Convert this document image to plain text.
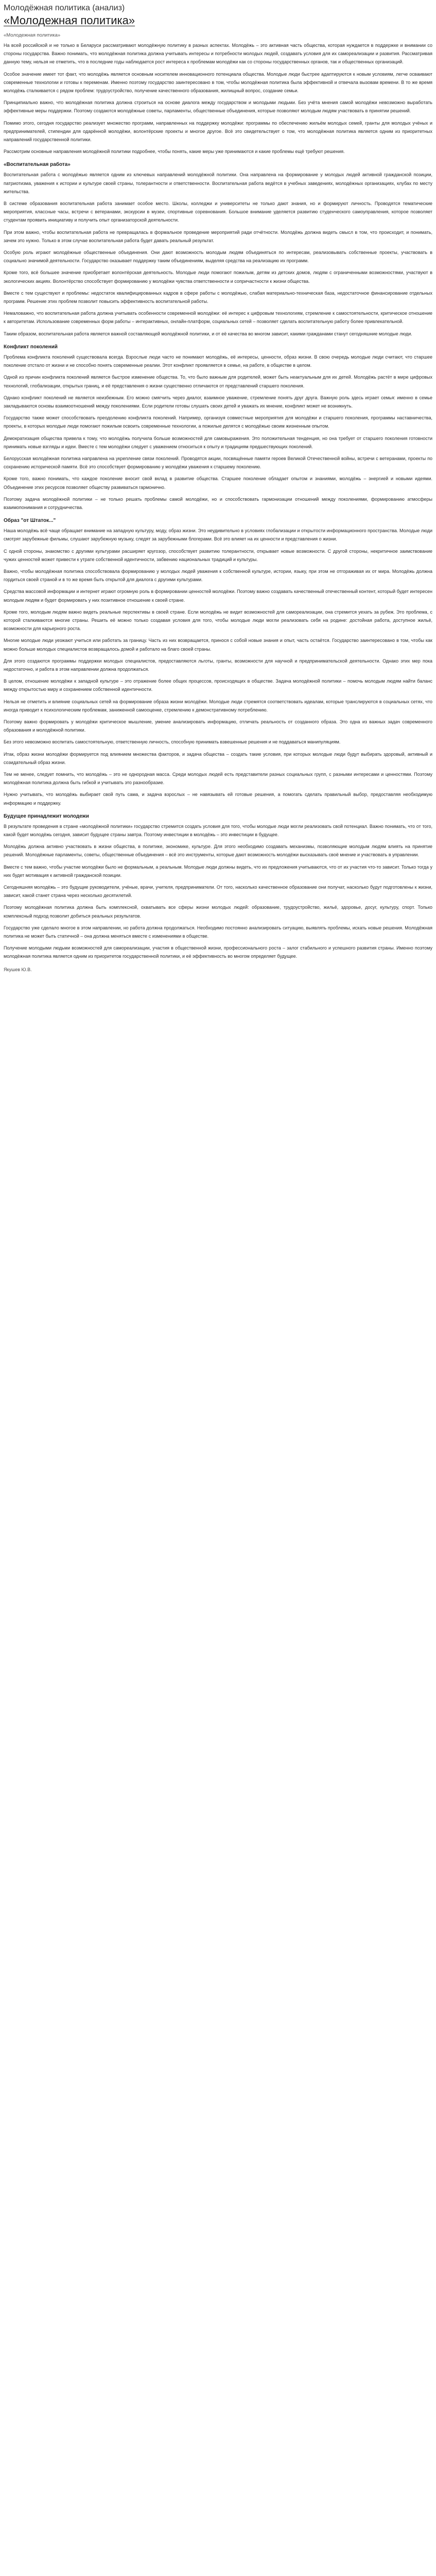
Молодёжная политика (анализ)
«Молодежная политика»
«Молодежная политика»

На всей российской и не только в Беларуси рассматривают молодёжную политику в разных аспектах. Молодёжь – это активная часть общества, которая нуждается в поддержке и внимании со стороны государства. Важно понимать, что молодёжная политика должна учитывать интересы и потребности молодых людей, создавать условия для их самореализации и развития. Рассматривая данную тему, нельзя не отметить, что в последние годы наблюдается рост интереса к проблемам молодёжи как со стороны государственных органов, так и общественных организаций.

Особое значение имеет тот факт, что молодёжь является основным носителем инновационного потенциала общества. Молодые люди быстрее адаптируются к новым условиям, легче осваивают современные технологии и готовы к переменам. Именно поэтому государство заинтересовано в том, чтобы молодёжная политика была эффективной и отвечала вызовам времени. В то же время молодёжь сталкивается с рядом проблем: трудоустройство, получение качественного образования, жилищный вопрос, создание семьи.

Принципиально важно, что молодёжная политика должна строиться на основе диалога между государством и молодыми людьми. Без учёта мнения самой молодёжи невозможно выработать эффективные меры поддержки. Поэтому создаются молодёжные советы, парламенты, общественные объединения, которые позволяют молодым людям участвовать в принятии решений.

Помимо этого, сегодня государство реализует множество программ, направленных на поддержку молодёжи: программы по обеспечению жильём молодых семей, гранты для молодых учёных и предпринимателей, стипендии для одарённой молодёжи, волонтёрские проекты и многое другое. Всё это свидетельствует о том, что молодёжная политика является одним из приоритетных направлений государственной политики.

Рассмотрим основные направления молодёжной политики подробнее, чтобы понять, какие меры уже принимаются и какие проблемы ещё требуют решения.

«Воспитательная работа»

Воспитательная работа с молодёжью является одним из ключевых направлений молодёжной политики. Она направлена на формирование у молодых людей активной гражданской позиции, патриотизма, уважения к истории и культуре своей страны, толерантности и ответственности. Воспитательная работа ведётся в учебных заведениях, молодёжных организациях, клубах по месту жительства.

В системе образования воспитательная работа занимает особое место. Школы, колледжи и университеты не только дают знания, но и формируют личность. Проводятся тематические мероприятия, классные часы, встречи с ветеранами, экскурсии в музеи, спортивные соревнования. Большое внимание уделяется развитию студенческого самоуправления, которое позволяет студентам проявить инициативу и получить опыт организаторской деятельности.

При этом важно, чтобы воспитательная работа не превращалась в формальное проведение мероприятий ради отчётности. Молодёжь должна видеть смысл в том, что происходит, и понимать, зачем это нужно. Только в этом случае воспитательная работа будет давать реальный результат.

Особую роль играют молодёжные общественные объединения. Они дают возможность молодым людям объединяться по интересам, реализовывать собственные проекты, участвовать в социально значимой деятельности. Государство оказывает поддержку таким объединениям, выделяя средства на реализацию их программ.

Кроме того, всё большее значение приобретает волонтёрская деятельность. Молодые люди помогают пожилым, детям из детских домов, людям с ограниченными возможностями, участвуют в экологических акциях. Волонтёрство способствует формированию у молодёжи чувства ответственности и сопричастности к жизни общества.

Вместе с тем существуют и проблемы: недостаток квалифицированных кадров в сфере работы с молодёжью, слабая материально-техническая база, недостаточное финансирование отдельных программ. Решение этих проблем позволит повысить эффективность воспитательной работы.

Немаловажно, что воспитательная работа должна учитывать особенности современной молодёжи: её интерес к цифровым технологиям, стремление к самостоятельности, критическое отношение к авторитетам. Использование современных форм работы – интерактивных, онлайн-платформ, социальных сетей – позволяет сделать воспитательную работу более привлекательной.

Таким образом, воспитательная работа является важной составляющей молодёжной политики, и от её качества во многом зависит, какими гражданами станут сегодняшние молодые люди.

Конфликт поколений

Проблема конфликта поколений существовала всегда. Взрослые люди часто не понимают молодёжь, её интересы, ценности, образ жизни. В свою очередь молодые люди считают, что старшее поколение отстало от жизни и не способно понять современные реалии. Этот конфликт проявляется в семье, на работе, в обществе в целом.

Одной из причин конфликта поколений является быстрое изменение общества. То, что было важным для родителей, может быть неактуальным для их детей. Молодёжь растёт в мире цифровых технологий, глобализации, открытых границ, и её представления о жизни существенно отличаются от представлений старшего поколения.

Однако конфликт поколений не является неизбежным. Его можно смягчить через диалог, взаимное уважение, стремление понять друг друга. Важную роль здесь играет семья: именно в семье закладываются основы взаимоотношений между поколениями. Если родители готовы слушать своих детей и уважать их мнение, конфликт может не возникнуть.

Государство также может способствовать преодолению конфликта поколений. Например, организуя совместные мероприятия для молодёжи и старшего поколения, программы наставничества, проекты, в которых молодые люди помогают пожилым освоить современные технологии, а пожилые делятся с молодёжью своим жизненным опытом.

Демократизация общества привела к тому, что молодёжь получила больше возможностей для самовыражения. Это положительная тенденция, но она требует от старшего поколения готовности принимать новые взгляды и идеи. Вместе с тем молодёжи следует с уважением относиться к опыту и традициям предшествующих поколений.

Белорусская молодёжная политика направлена на укрепление связи поколений. Проводятся акции, посвящённые памяти героев Великой Отечественной войны, встречи с ветеранами, проекты по сохранению исторической памяти. Всё это способствует формированию у молодёжи уважения к старшему поколению.

Кроме того, важно понимать, что каждое поколение вносит свой вклад в развитие общества. Старшее поколение обладает опытом и знаниями, молодёжь – энергией и новыми идеями. Объединение этих ресурсов позволяет обществу развиваться гармонично.

Поэтому задача молодёжной политики – не только решать проблемы самой молодёжи, но и способствовать гармонизации отношений между поколениями, формированию атмосферы взаимопонимания и сотрудничества.

Образ "от Штаток..."

Наша молодёжь всё чаще обращает внимание на западную культуру, моду, образ жизни. Это неудивительно в условиях глобализации и открытости информационного пространства. Молодые люди смотрят зарубежные фильмы, слушают зарубежную музыку, следят за зарубежными блогерами. Всё это влияет на их ценности и представления о жизни.

С одной стороны, знакомство с другими культурами расширяет кругозор, способствует развитию толерантности, открывает новые возможности. С другой стороны, некритичное заимствование чужих ценностей может привести к утрате собственной идентичности, забвению национальных традиций и культуры.

Важно, чтобы молодёжная политика способствовала формированию у молодых людей уважения к собственной культуре, истории, языку, при этом не отгораживая их от мира. Молодёжь должна гордиться своей страной и в то же время быть открытой для диалога с другими культурами.

Средства массовой информации и интернет играют огромную роль в формировании ценностей молодёжи. Поэтому важно создавать качественный отечественный контент, который будет интересен молодым людям и будет формировать у них позитивное отношение к своей стране.

Кроме того, молодым людям важно видеть реальные перспективы в своей стране. Если молодёжь не видит возможностей для самореализации, она стремится уехать за рубеж. Это проблема, с которой сталкиваются многие страны. Решить её можно только создавая условия для того, чтобы молодые люди могли реализовать себя на родине: достойная работа, доступное жильё, возможности для карьерного роста.

Многие молодые люди уезжают учиться или работать за границу. Часть из них возвращается, принося с собой новые знания и опыт, часть остаётся. Государство заинтересовано в том, чтобы как можно больше молодых специалистов возвращалось домой и работало на благо своей страны.

Для этого создаются программы поддержки молодых специалистов, предоставляются льготы, гранты, возможности для научной и предпринимательской деятельности. Однако этих мер пока недостаточно, и работа в этом направлении должна продолжаться.

В целом, отношение молодёжи к западной культуре – это отражение более общих процессов, происходящих в обществе. Задача молодёжной политики – помочь молодым людям найти баланс между открытостью миру и сохранением собственной идентичности.

Нельзя не отметить и влияние социальных сетей на формирование образа жизни молодёжи. Молодые люди стремятся соответствовать идеалам, которые транслируются в социальных сетях, что иногда приводит к психологическим проблемам, заниженной самооценке, стремлению к демонстративному потреблению.

Поэтому важно формировать у молодёжи критическое мышление, умение анализировать информацию, отличать реальность от созданного образа. Это одна из важных задач современного образования и молодёжной политики.

Без этого невозможно воспитать самостоятельную, ответственную личность, способную принимать взвешенные решения и не поддаваться манипуляциям.

Итак, образ жизни молодёжи формируется под влиянием множества факторов, и задача общества – создать такие условия, при которых молодые люди будут выбирать здоровый, активный и созидательный образ жизни.

Тем не менее, следует помнить, что молодёжь – это не однородная масса. Среди молодых людей есть представители разных социальных групп, с разными интересами и ценностями. Поэтому молодёжная политика должна быть гибкой и учитывать это разнообразие.

Нужно учитывать, что молодёжь выбирает свой путь сама, и задача взрослых – не навязывать ей готовые решения, а помогать сделать правильный выбор, предоставляя необходимую информацию и поддержку.

Будущее принадлежит молодежи

В результате проведения в стране «молодёжной политики» государство стремится создать условия для того, чтобы молодые люди могли реализовать свой потенциал. Важно понимать, что от того, какой будет молодёжь сегодня, зависит будущее страны завтра. Поэтому инвестиции в молодёжь – это инвестиции в будущее.

Молодёжь должна активно участвовать в жизни общества, в политике, экономике, культуре. Для этого необходимо создавать механизмы, позволяющие молодым людям влиять на принятие решений. Молодёжные парламенты, советы, общественные объединения – всё это инструменты, которые дают возможность молодёжи высказывать своё мнение и участвовать в управлении.

Вместе с тем важно, чтобы участие молодёжи было не формальным, а реальным. Молодые люди должны видеть, что их предложения учитываются, что от их участия что-то зависит. Только тогда у них будет мотивация к активной гражданской позиции.

Сегодняшняя молодёжь – это будущие руководители, учёные, врачи, учителя, предприниматели. От того, насколько качественное образование они получат, насколько будут подготовлены к жизни, зависит, какой станет страна через несколько десятилетий.

Поэтому молодёжная политика должна быть комплексной, охватывать все сферы жизни молодых людей: образование, трудоустройство, жильё, здоровье, досуг, культуру, спорт. Только комплексный подход позволит добиться реальных результатов.

Государство уже сделало многое в этом направлении, но работа должна продолжаться. Необходимо постоянно анализировать ситуацию, выявлять проблемы, искать новые решения. Молодёжная политика не может быть статичной – она должна меняться вместе с изменениями в обществе.

Получение молодыми людьми возможностей для самореализации, участия в общественной жизни, профессионального роста – залог стабильного и успешного развития страны. Именно поэтому молодёжная политика является одним из приоритетов государственной политики, и её эффективность во многом определяет будущее.

Якушев Ю.В.
